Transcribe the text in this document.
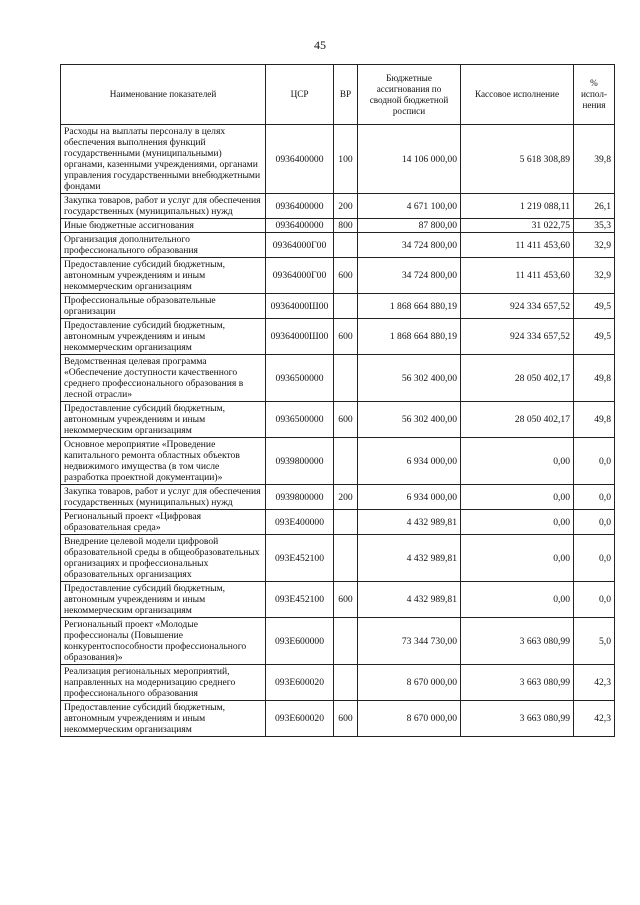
45
Наименование показателей	ЦСР	ВР	Бюджетные ассигнования по сводной бюджетной росписи	Кассовое исполнение	% испол-нения
Расходы на выплаты персоналу в целях обеспечения выполнения функций государственными (муниципальными) органами, казенными учреждениями, органами управления государственными внебюджетными фондами	0936400000	100	14 106 000,00	5 618 308,89	39,8
Закупка товаров, работ и услуг для обеспечения государственных (муниципальных) нужд	0936400000	200	4 671 100,00	1 219 088,11	26,1
Иные бюджетные ассигнования	0936400000	800	87 800,00	31 022,75	35,3
Организация дополнительного профессионального образования	09364000Г00		34 724 800,00	11 411 453,60	32,9
Предоставление субсидий бюджетным, автономным учреждениям и иным некоммерческим организациям	09364000Г00	600	34 724 800,00	11 411 453,60	32,9
Профессиональные образовательные организации	09364000Ш00		1 868 664 880,19	924 334 657,52	49,5
Предоставление субсидий бюджетным, автономным учреждениям и иным некоммерческим организациям	09364000Ш00	600	1 868 664 880,19	924 334 657,52	49,5
Ведомственная целевая программа «Обеспечение доступности качественного среднего профессионального образования в лесной отрасли»	0936500000		56 302 400,00	28 050 402,17	49,8
Предоставление субсидий бюджетным, автономным учреждениям и иным некоммерческим организациям	0936500000	600	56 302 400,00	28 050 402,17	49,8
Основное мероприятие «Проведение капитального ремонта областных объектов недвижимого имущества (в том числе разработка проектной документации)»	0939800000		6 934 000,00	0,00	0,0
Закупка товаров, работ и услуг для обеспечения государственных (муниципальных) нужд	0939800000	200	6 934 000,00	0,00	0,0
Региональный проект «Цифровая образовательная среда»	093Е400000		4 432 989,81	0,00	0,0
Внедрение целевой модели цифровой образовательной среды в общеобразовательных организациях и профессиональных образовательных организациях	093Е452100		4 432 989,81	0,00	0,0
Предоставление субсидий бюджетным, автономным учреждениям и иным некоммерческим организациям	093Е452100	600	4 432 989,81	0,00	0,0
Региональный проект «Молодые профессионалы (Повышение конкурентоспособности профессионального образования)»	093Е600000		73 344 730,00	3 663 080,99	5,0
Реализация региональных мероприятий, направленных на модернизацию среднего профессионального образования	093Е600020		8 670 000,00	3 663 080,99	42,3
Предоставление субсидий бюджетным, автономным учреждениям и иным некоммерческим организациям	093Е600020	600	8 670 000,00	3 663 080,99	42,3
